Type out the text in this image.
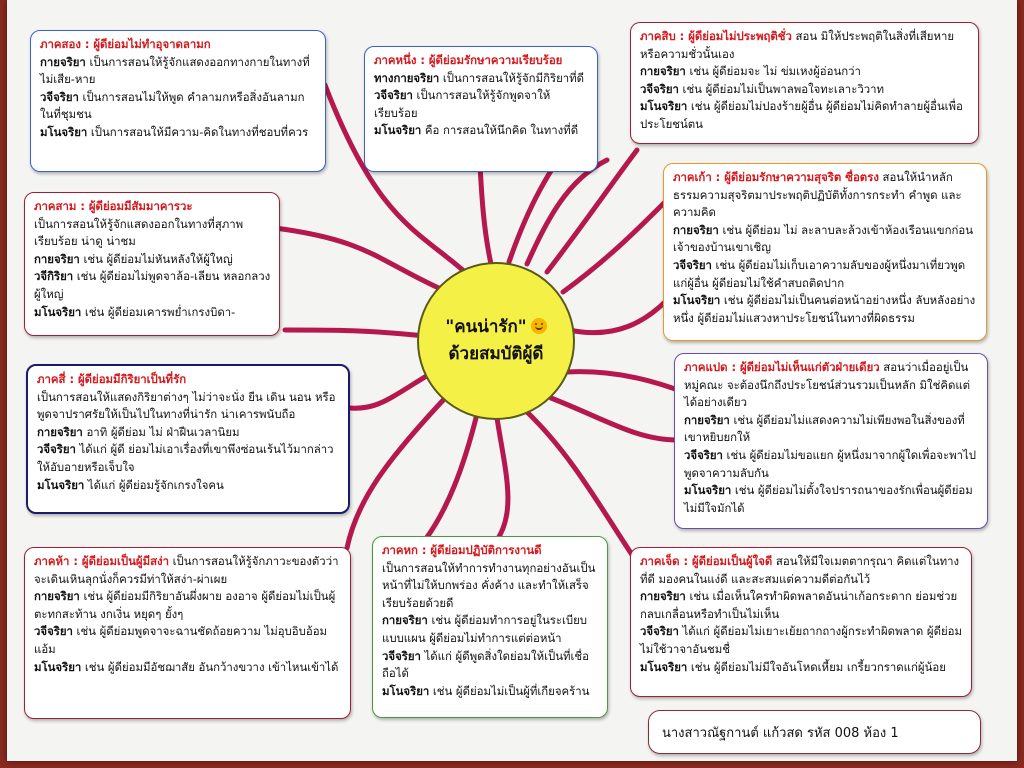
ภาคหนึ่ง : ผู้ดีย่อมรักษาความเรียบร้อย
ทางกายจริยา เป็นการสอนให้รู้จักมีกิริยาที่ดี
วจีจริยา เป็นการสอนให้รู้จักพูดจาให้เรียบร้อย
มโนจริยา คือ การสอนให้นึกคิด ในทางที่ดี
ภาคสอง : ผู้ดีย่อมไม่ทำอุจาดลามก
กายจริยา เป็นการสอนให้รู้จักแสดงออกทางกายในทางที่ไม่เสีย-หาย
วจีจริยา เป็นการสอนไม่ให้พูด คำลามกหรือสิ่งอันลามกในที่ชุมชน
มโนจริยา เป็นการสอนให้มีความ-คิดในทางที่ชอบที่ควร
ภาคสาม : ผู้ดีย่อมมีสัมมาคารวะ
เป็นการสอนให้รู้จักแสดงออกในทางที่สุภาพเรียบร้อย น่าดู น่าชม
กายจริยา เช่น ผู้ดีย่อมไม่หันหลังให้ผู้ใหญ่
วจีกิริยา เช่น ผู้ดีย่อมไม่พูดจาล้อ-เลียน หลอกลวงผู้ใหญ่
มโนจริยา เช่น ผู้ดีย่อมเคารพย่ำเกรงบิดา-
ภาคสี่ : ผู้ดีย่อมมีกิริยาเป็นที่รัก
เป็นการสอนให้แสดงกิริยาต่างๆ ไม่ว่าจะนั่ง ยืน เดิน นอน หรือพูดจาปราศรัยให้เป็นไปในทางที่น่ารัก น่าเคารพนับถือ
กายจริยา อาทิ ผู้ดีย่อม ไม่ ฝ่าฝืนเวลานิยม
วจีจริยา ได้แก่ ผู้ดี ย่อมไม่เอาเรื่องที่เขาพึงซ่อนเร้นไว้มากล่าวให้อับอายหรือเจ็บใจ
มโนจริยา ได้แก่ ผู้ดีย่อมรู้จักเกรงใจคน
ภาคห้า : ผู้ดีย่อมเป็นผู้มีสง่า เป็นการสอนให้รู้จักภาวะของตัวว่าจะเดินเหินลุกนั่งก็ควรมีท่าให้สง่า-ผ่าเผย
กายจริยา เช่น ผู้ดีย่อมมีกิริยาอันผึ่งผาย องอาจ ผู้ดีย่อมไม่เป็นผู้ตะทกสะท้าน งกเงิ่น หยุดๆ ยั้งๆ
วจีจริยา เช่น ผู้ดีย่อมพูดจาจะฉานชัดถ้อยความ ไม่อุบอิบอ้อมแอ้ม
มโนจริยา เช่น ผู้ดีย่อมมีอัชฌาสัย อันกว้างขวาง เข้าไหนเข้าได้
ภาคหก : ผู้ดีย่อมปฏิบัติการงานดี
เป็นการสอนให้ทำการทำงานทุกอย่างอันเป็นหน้าที่ไม่ให้บกพร่อง คั่งค้าง และทำให้เสร็จเรียบร้อยด้วยดี
กายจริยา เช่น ผู้ดีย่อมทำการอยู่ในระเบียบแบบแผน ผู้ดีย่อมไม่ทำการแต่ต่อหน้า
วจีจริยา ได้แก่ ผู้ดีพูดสิ่งใดย่อมให้เป็นที่เชื่อถือได้
มโนจริยา เช่น ผู้ดีย่อมไม่เป็นผู้ที่เกียจคร้าน
ภาคเจ็ด : ผู้ดีย่อมเป็นผู้ใจดี สอนให้มีใจเมตตากรุณา คิดแต่ในทางที่ดี มองคนในแง่ดี และสะสมแต่ความดีต่อกันไว้
กายจริยา เช่น เมื่อเห็นใครทำผิดพลาดอันน่าเก้อกระดาก ย่อมช่วยกลบเกลื่อนหรือทำเป็นไม่เห็น
วจีจริยา ได้แก่ ผู้ดีย่อมไม่เยาะเย้ยถากถางผู้กระทำผิดพลาด ผู้ดีย่อมไม่ใช้วาจาอันชมชื่
มโนจริยา เช่น ผู้ดีย่อมไม่มีใจอันโหดเหี้ยม เกรี้ยวกราดแก่ผู้น้อย
ภาคแปด : ผู้ดีย่อมไม่เห็นแก่ตัวฝ่ายเดียว สอนว่าเมื่ออยู่เป็นหมู่คณะ จะต้องนึกถึงประโยชน์ส่วนรวมเป็นหลัก มิใช่คิดแต่ได้อย่างเดียว
กายจริยา เช่น ผู้ดีย่อมไม่แสดงความไม่เพียงพอในสิ่งของที่เขาหยิบยกให้
วจีจริยา เช่น ผู้ดีย่อมไม่ขอแยก ผู้หนึ่งมาจากผู้ใดเพื่อจะพาไปพูดจาความลับกัน
มโนจริยา เช่น ผู้ดีย่อมไม่ตั้งใจปรารถนาของรักเพื่อนผู้ดีย่อมไม่มีใจมักได้
ภาคเก้า : ผู้ดีย่อมรักษาความสุจริต ซื่อตรง สอนให้นำหลักธรรมความสุจริตมาประพฤติปฏิบัติทั้งการกระทำ คำพูด และความคิด
กายจริยา เช่น ผู้ดีย่อม ไม่ ละลาบละล้วงเข้าห้องเรือนแขกก่อนเจ้าของบ้านเขาเชิญ
วจีจริยา เช่น ผู้ดีย่อมไม่เก็บเอาความลับของผู้หนึ่งมาเที่ยวพูดแก่ผู้อื่น ผู้ดีย่อมไม่ใช้คำสบถติดปาก
มโนจริยา เช่น ผู้ดีย่อมไม่เป็นคนต่อหน้าอย่างหนึ่ง ลับหลังอย่างหนึ่ง ผู้ดีย่อมไม่แสวงหาประโยชน์ในทางที่ผิดธรรม
ภาคสิบ : ผู้ดีย่อมไม่ประพฤติชั่ว สอน มิให้ประพฤติในสิ่งที่เสียหายหรือความชั่วนั้นเอง
กายจริยา เช่น ผู้ดีย่อมจะ ไม่ ข่มเหงผู้อ่อนกว่า
วจีจริยา เช่น ผู้ดีย่อมไม่เป็นพาลพอใจทะเลาะวิวาท
มโนจริยา เช่น ผู้ดีย่อมไม่ปองร้ายผู้อื่น ผู้ดีย่อมไม่คิดทำลายผู้อื่นเพื่อประโยชน์ตน
"คนน่ารัก"
ด้วยสมบัติผู้ดี
นางสาวณัฐกานต์ แก้วสด รหัส 008 ห้อง 1
